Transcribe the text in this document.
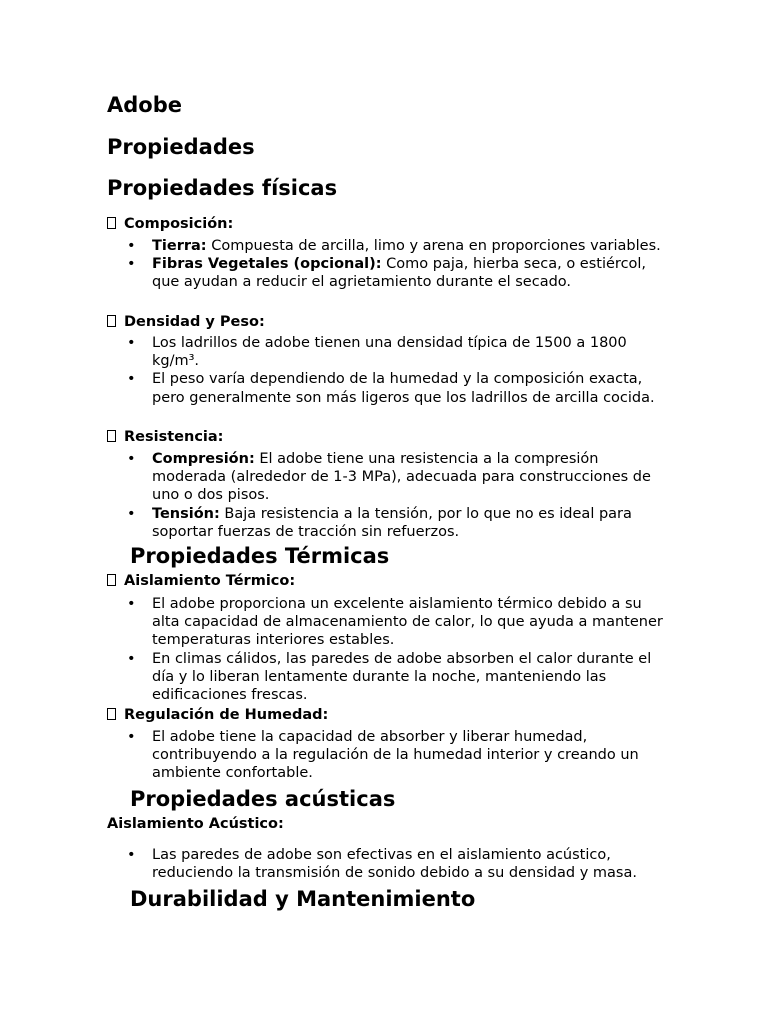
Adobe
Propiedades
Propiedades físicas
Composición:
• Tierra: Compuesta de arcilla, limo y arena en proporciones variables.
• Fibras Vegetales (opcional): Como paja, hierba seca, o estiércol, que ayudan a reducir el agrietamiento durante el secado.
Densidad y Peso:
• Los ladrillos de adobe tienen una densidad típica de 1500 a 1800 kg/m³.
• El peso varía dependiendo de la humedad y la composición exacta, pero generalmente son más ligeros que los ladrillos de arcilla cocida.
Resistencia:
• Compresión: El adobe tiene una resistencia a la compresión moderada (alrededor de 1-3 MPa), adecuada para construcciones de uno o dos pisos.
• Tensión: Baja resistencia a la tensión, por lo que no es ideal para soportar fuerzas de tracción sin refuerzos.
Propiedades Térmicas
Aislamiento Térmico:
• El adobe proporciona un excelente aislamiento térmico debido a su alta capacidad de almacenamiento de calor, lo que ayuda a mantener temperaturas interiores estables.
• En climas cálidos, las paredes de adobe absorben el calor durante el día y lo liberan lentamente durante la noche, manteniendo las edificaciones frescas.
Regulación de Humedad:
• El adobe tiene la capacidad de absorber y liberar humedad, contribuyendo a la regulación de la humedad interior y creando un ambiente confortable.
Propiedades acústicas
Aislamiento Acústico:
• Las paredes de adobe son efectivas en el aislamiento acústico, reduciendo la transmisión de sonido debido a su densidad y masa.
Durabilidad y Mantenimiento
